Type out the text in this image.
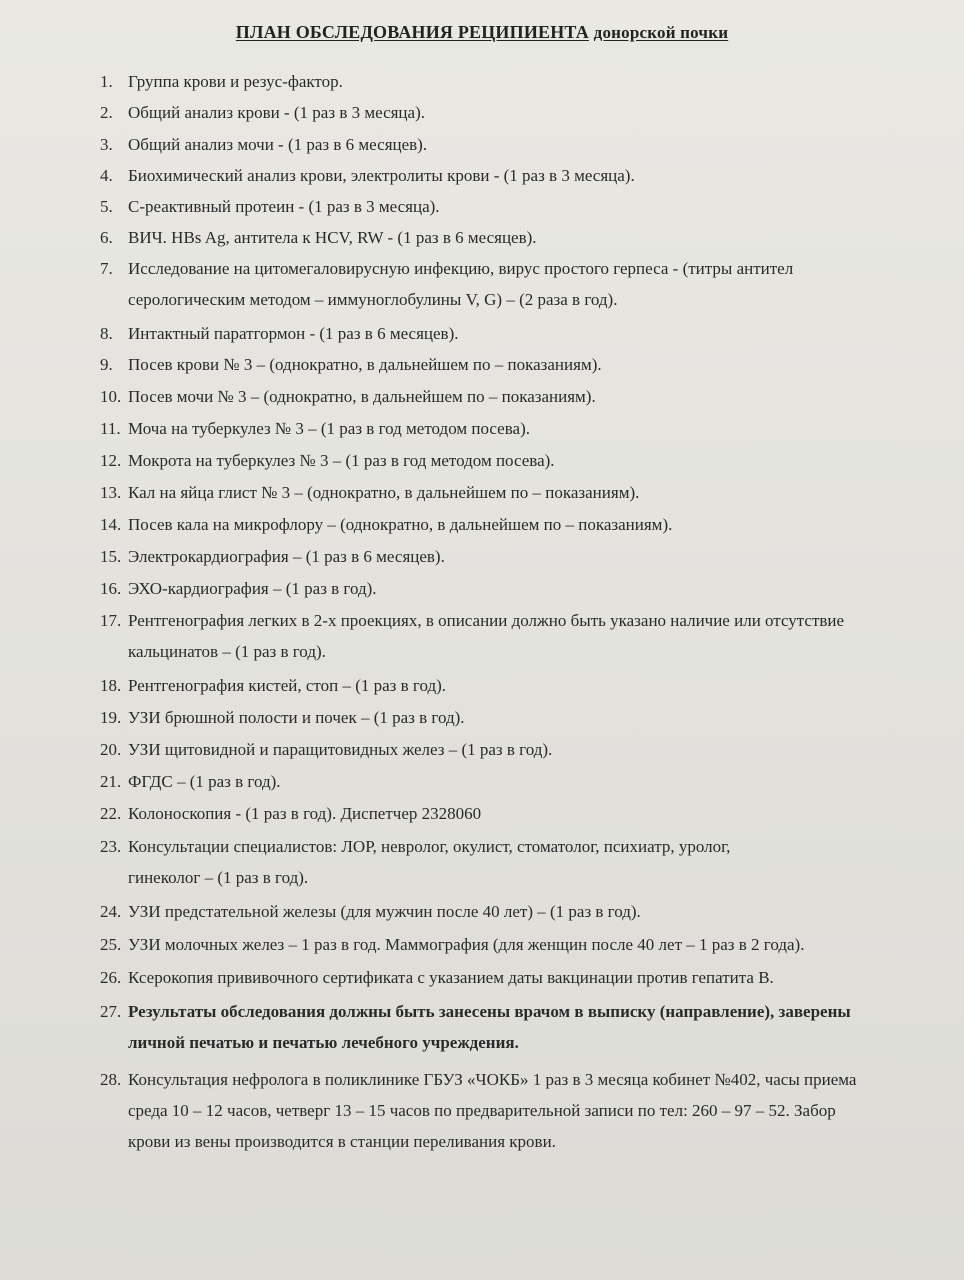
ПЛАН ОБСЛЕДОВАНИЯ РЕЦИПИЕНТА донорской почки
1. Группа крови и резус-фактор.
2. Общий анализ крови - (1 раз в 3 месяца).
3. Общий анализ мочи - (1 раз в 6 месяцев).
4. Биохимический анализ крови, электролиты крови - (1 раз в 3 месяца).
5. С-реактивный протеин - (1 раз в 3 месяца).
6. ВИЧ. HBs Ag, антитела к HCV, RW - (1 раз в 6 месяцев).
7. Исследование на цитомегаловирусную инфекцию, вирус простого герпеса - (титры антител
серологическим методом – иммуноглобулины V, G) – (2 раза в год).
8. Интактный паратгормон - (1 раз в 6 месяцев).
9. Посев крови № 3 – (однократно, в дальнейшем по – показаниям).
10. Посев мочи № 3 – (однократно, в дальнейшем по – показаниям).
11. Моча на туберкулез № 3 – (1 раз в год методом посева).
12. Мокрота на туберкулез № 3 – (1 раз в год методом посева).
13. Кал на яйца глист № 3 – (однократно, в дальнейшем по – показаниям).
14. Посев кала на микрофлору – (однократно, в дальнейшем по – показаниям).
15. Электрокардиография – (1 раз в 6 месяцев).
16. ЭХО-кардиография – (1 раз в год).
17. Рентгенография легких в 2-х проекциях, в описании должно быть указано наличие или отсутствие
кальцинатов – (1 раз в год).
18. Рентгенография кистей, стоп – (1 раз в год).
19. УЗИ брюшной полости и почек – (1 раз в год).
20. УЗИ щитовидной и паращитовидных желез – (1 раз в год).
21. ФГДС – (1 раз в год).
22. Колоноскопия - (1 раз в год). Диспетчер 2328060
23. Консультации специалистов: ЛОР, невролог, окулист, стоматолог, психиатр, уролог,
гинеколог – (1 раз в год).
24. УЗИ предстательной железы (для мужчин после 40 лет) – (1 раз в год).
25. УЗИ молочных желез – 1 раз в год. Маммография (для женщин после 40 лет – 1 раз в 2 года).
26. Ксерокопия прививочного сертификата с указанием даты вакцинации против гепатита В.
27. Результаты обследования должны быть занесены врачом в выписку (направление), заверены
личной печатью и печатью лечебного учреждения.
28. Консультация нефролога в поликлинике ГБУЗ «ЧОКБ» 1 раз в 3 месяца кобинет №402, часы приема
среда 10 – 12 часов, четверг 13 – 15 часов по предварительной записи по тел: 260 – 97 – 52. Забор
крови из вены производится в станции переливания крови.
